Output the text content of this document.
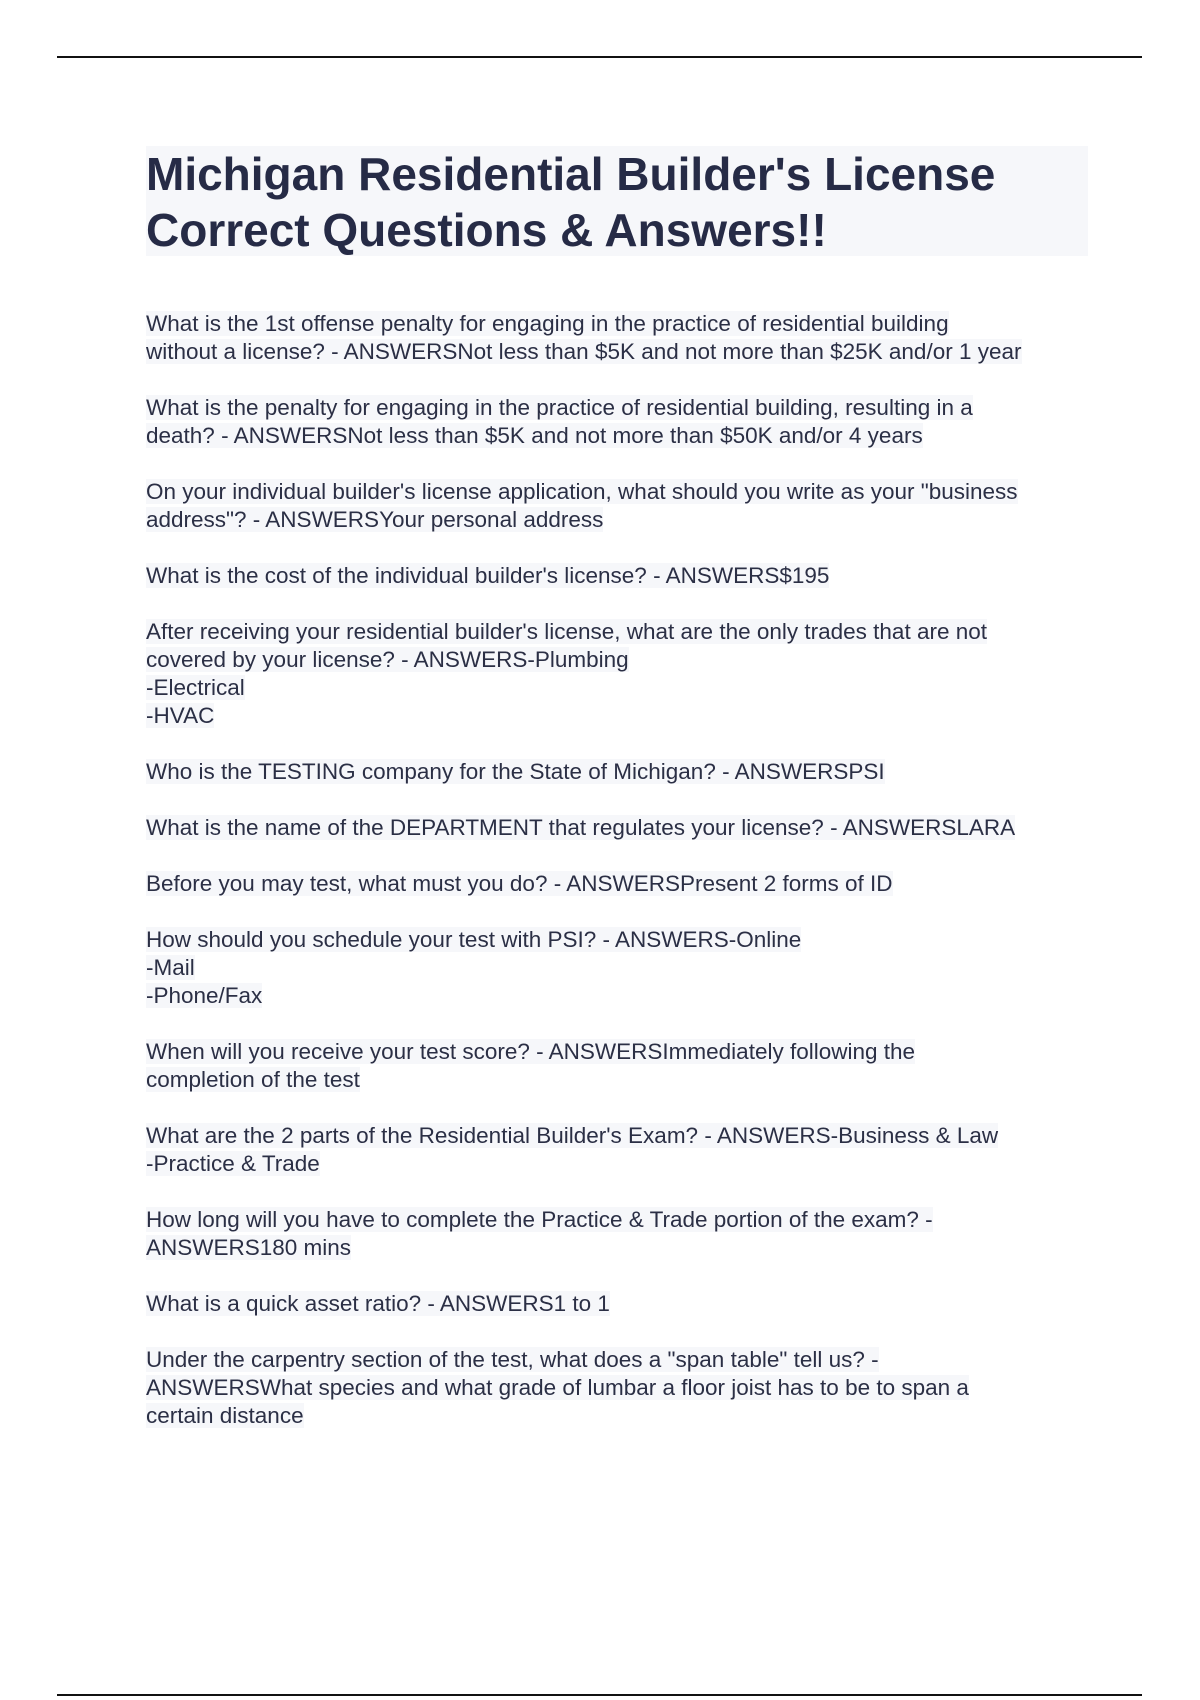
Michigan Residential Builder's License
Correct Questions & Answers!!
What is the 1st offense penalty for engaging in the practice of residential building
without a license? - ANSWERSNot less than $5K and not more than $25K and/or 1 year
What is the penalty for engaging in the practice of residential building, resulting in a
death? - ANSWERSNot less than $5K and not more than $50K and/or 4 years
On your individual builder's license application, what should you write as your "business
address"? - ANSWERSYour personal address
What is the cost of the individual builder's license? - ANSWERS$195
After receiving your residential builder's license, what are the only trades that are not
covered by your license? - ANSWERS-Plumbing
-Electrical
-HVAC
Who is the TESTING company for the State of Michigan? - ANSWERSPSI
What is the name of the DEPARTMENT that regulates your license? - ANSWERSLARA
Before you may test, what must you do? - ANSWERSPresent 2 forms of ID
How should you schedule your test with PSI? - ANSWERS-Online
-Mail
-Phone/Fax
When will you receive your test score? - ANSWERSImmediately following the
completion of the test
What are the 2 parts of the Residential Builder's Exam? - ANSWERS-Business & Law
-Practice & Trade
How long will you have to complete the Practice & Trade portion of the exam? -
ANSWERS180 mins
What is a quick asset ratio? - ANSWERS1 to 1
Under the carpentry section of the test, what does a "span table" tell us? -
ANSWERSWhat species and what grade of lumbar a floor joist has to be to span a
certain distance
